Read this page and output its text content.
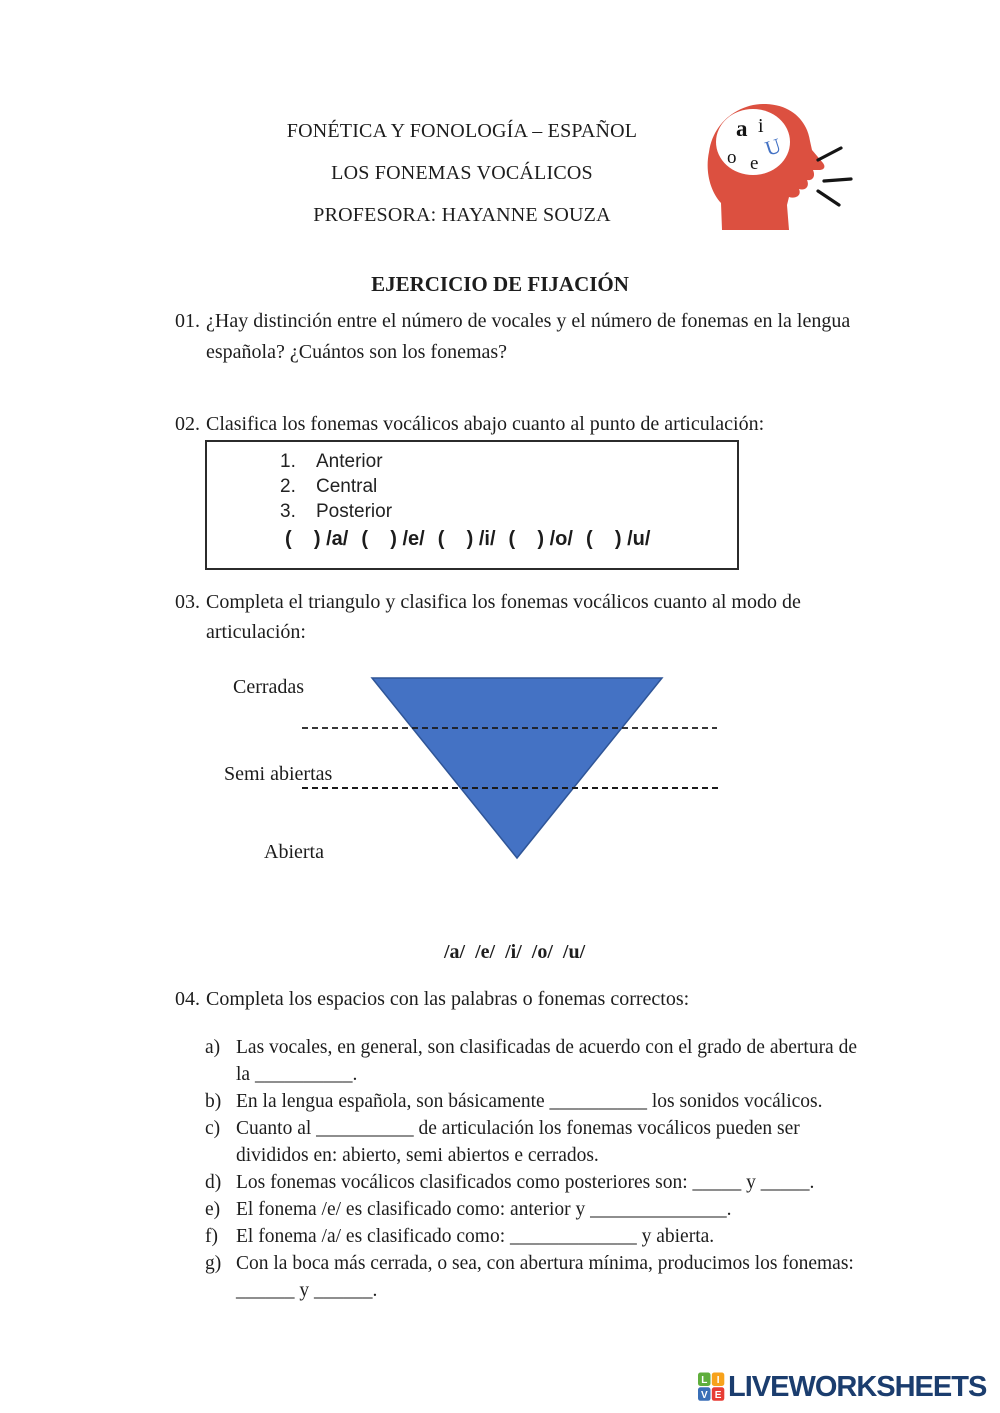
FONÉTICA Y FONOLOGÍA – ESPAÑOL
LOS FONEMAS VOCÁLICOS
PROFESORA: HAYANNE SOUZA
a i
U
o e
EJERCICIO DE FIJACIÓN
01. ¿Hay distinción entre el número de vocales y el número de fonemas en la lengua española? ¿Cuántos son los fonemas?
02. Clasifica los fonemas vocálicos abajo cuanto al punto de articulación:
1.	Anterior
2.	Central
3.	Posterior
(    ) /a/ (    ) /e/ (    ) /i/ (    ) /o/ (    ) /u/
03. Completa el triangulo y clasifica los fonemas vocálicos cuanto al modo de articulación:
Cerradas
Semi abiertas
Abierta
/a/ /e/ /i/ /o/ /u/
04. Completa los espacios con las palabras o fonemas correctos:
a) Las vocales, en general, son clasificadas de acuerdo con el grado de abertura de la __________.
b) En la lengua española, son básicamente __________ los sonidos vocálicos.
c) Cuanto al __________ de articulación los fonemas vocálicos pueden ser divididos en: abierto, semi abiertos e cerrados.
d) Los fonemas vocálicos clasificados como posteriores son: _____ y _____.
e) El fonema /e/ es clasificado como: anterior y ______________.
f) El fonema /a/ es clasificado como: _____________ y abierta.
g) Con la boca más cerrada, o sea, con abertura mínima, producimos los fonemas: ______ y ______.
L I
V E LIVEWORKSHEETS
